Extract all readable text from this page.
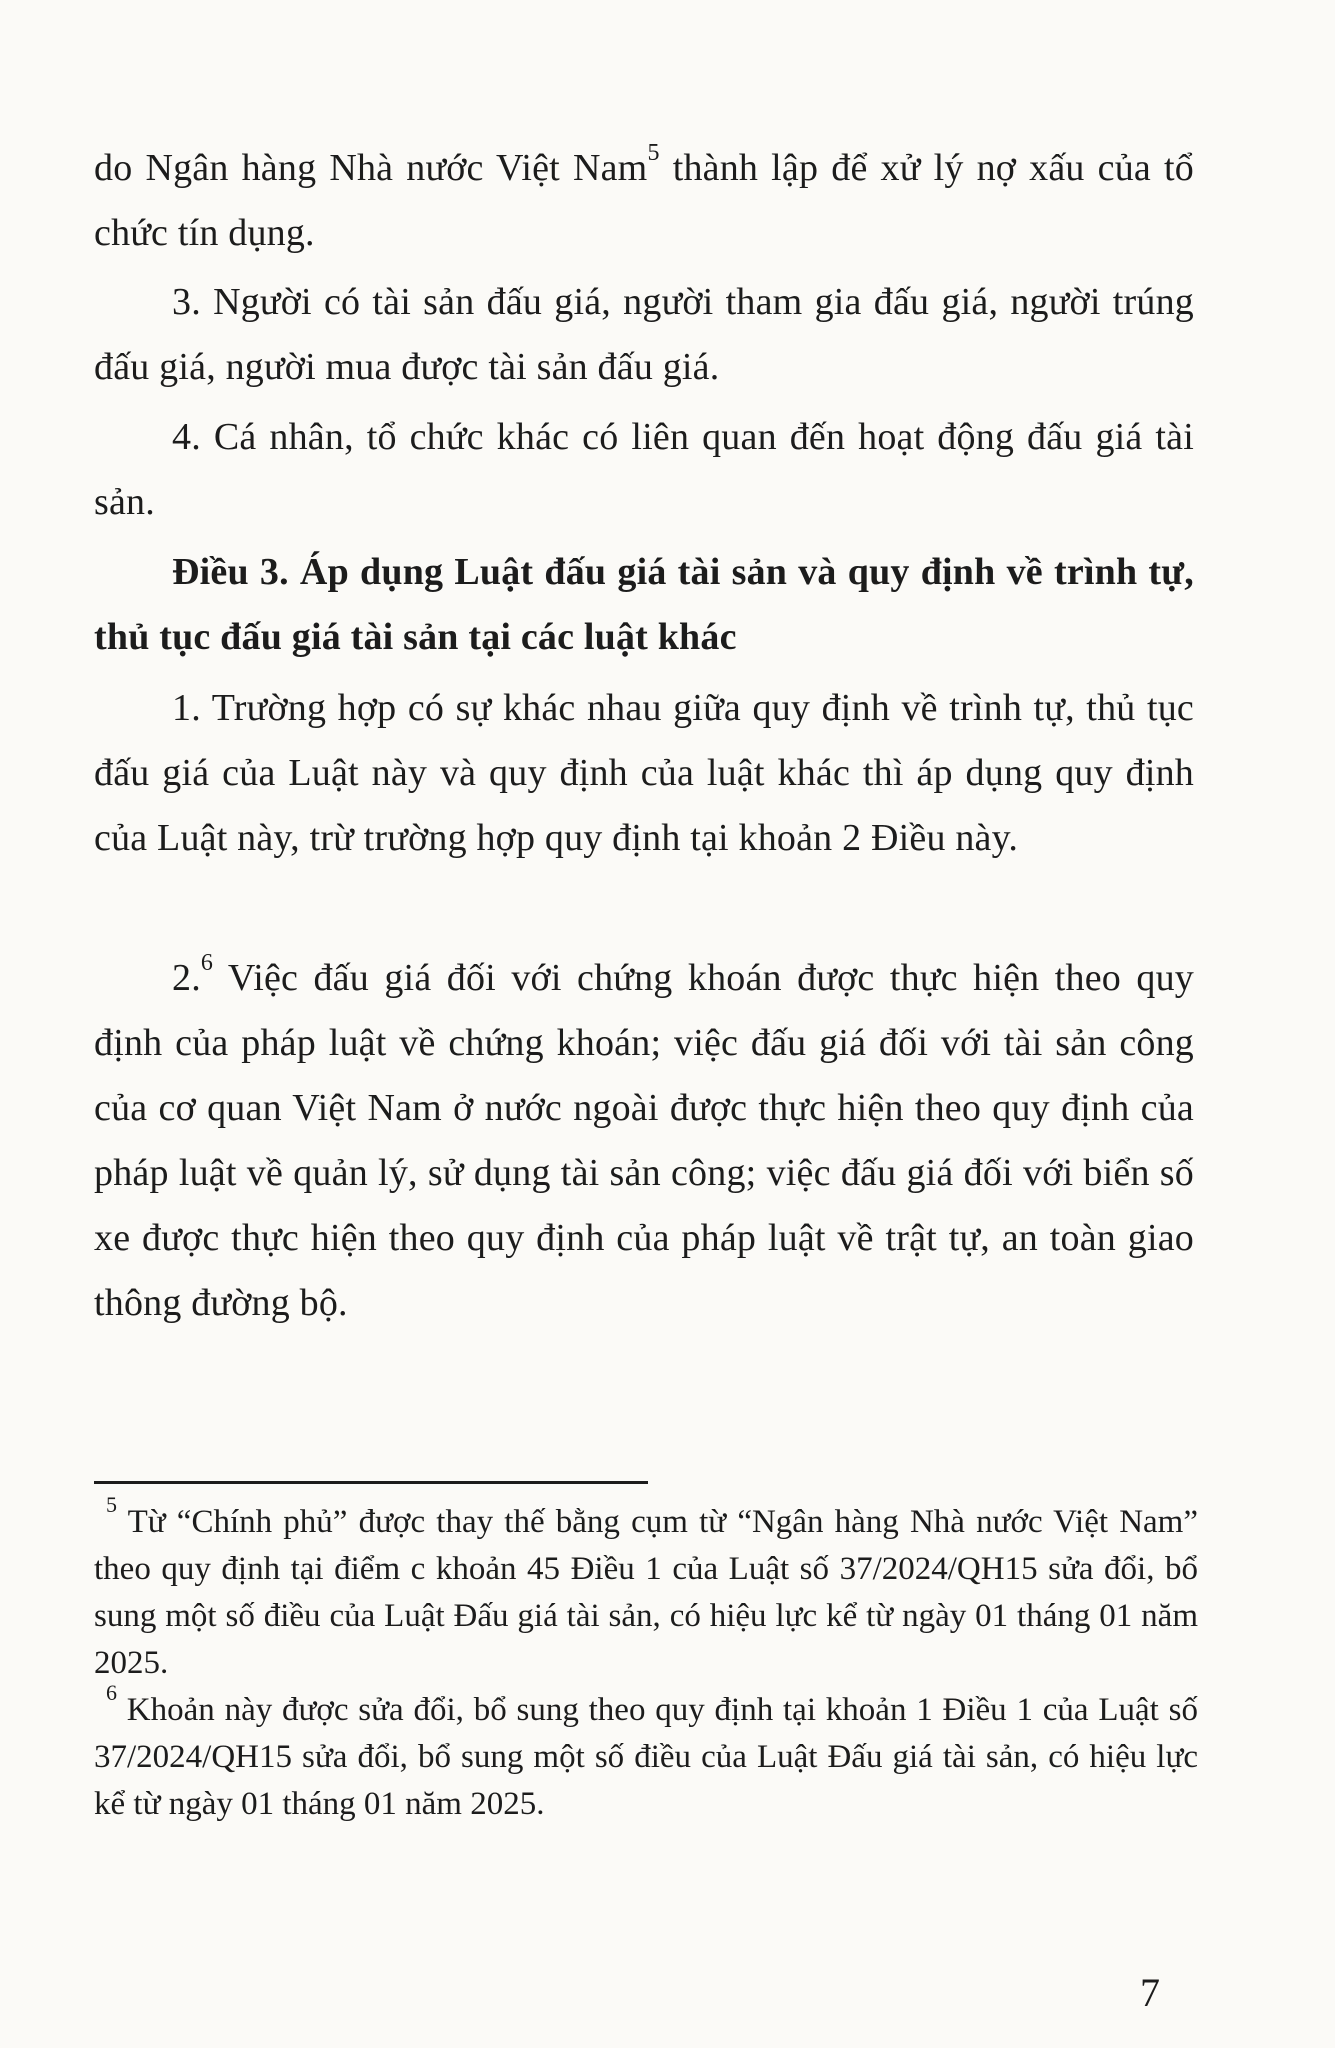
do Ngân hàng Nhà nước Việt Nam$^5$ thành lập để xử lý nợ xấu của tổ chức tín dụng.

3. Người có tài sản đấu giá, người tham gia đấu giá, người trúng đấu giá, người mua được tài sản đấu giá.

4. Cá nhân, tổ chức khác có liên quan đến hoạt động đấu giá tài sản.

Điều 3. Áp dụng Luật đấu giá tài sản và quy định về trình tự, thủ tục đấu giá tài sản tại các luật khác

1. Trường hợp có sự khác nhau giữa quy định về trình tự, thủ tục đấu giá của Luật này và quy định của luật khác thì áp dụng quy định của Luật này, trừ trường hợp quy định tại khoản 2 Điều này.

2.$^6$ Việc đấu giá đối với chứng khoán được thực hiện theo quy định của pháp luật về chứng khoán; việc đấu giá đối với tài sản công của cơ quan Việt Nam ở nước ngoài được thực hiện theo quy định của pháp luật về quản lý, sử dụng tài sản công; việc đấu giá đối với biển số xe được thực hiện theo quy định của pháp luật về trật tự, an toàn giao thông đường bộ.

$^5$ Từ “Chính phủ” được thay thế bằng cụm từ “Ngân hàng Nhà nước Việt Nam” theo quy định tại điểm c khoản 45 Điều 1 của Luật số 37/2024/QH15 sửa đổi, bổ sung một số điều của Luật Đấu giá tài sản, có hiệu lực kể từ ngày 01 tháng 01 năm 2025.

$^6$ Khoản này được sửa đổi, bổ sung theo quy định tại khoản 1 Điều 1 của Luật số 37/2024/QH15 sửa đổi, bổ sung một số điều của Luật Đấu giá tài sản, có hiệu lực kể từ ngày 01 tháng 01 năm 2025.

7
